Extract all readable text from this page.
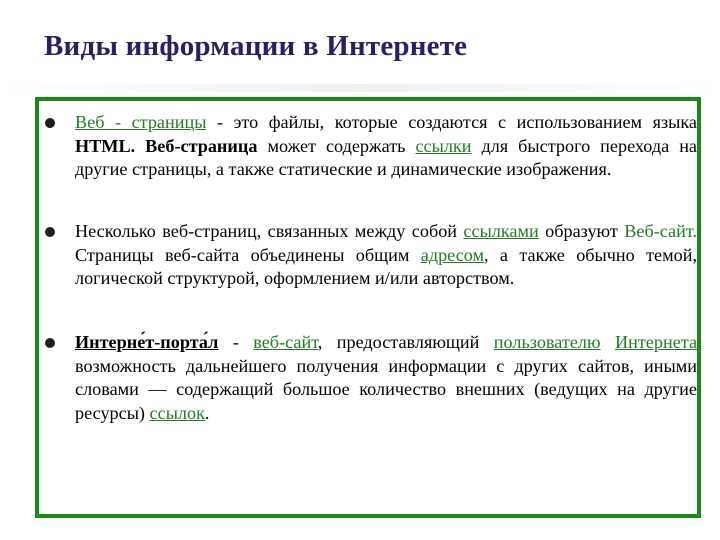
Виды информации в Интернете
Веб - страницы - это файлы, которые создаются с использованием языка HTML. Веб-страница может содержать ссылки для быстрого перехода на другие страницы, а также статические и динамические изображения.
Несколько веб-страниц, связанных между собой ссылками образуют Веб-сайт. Страницы веб-сайта объединены общим адресом, а также обычно темой, логической структурой, оформлением и/или авторством.
Интерне́т-порта́л - веб-сайт, предоставляющий пользователю Интернета возможность дальнейшего получения информации с других сайтов, иными словами — содержащий большое количество внешних (ведущих на другие ресурсы) ссылок.
